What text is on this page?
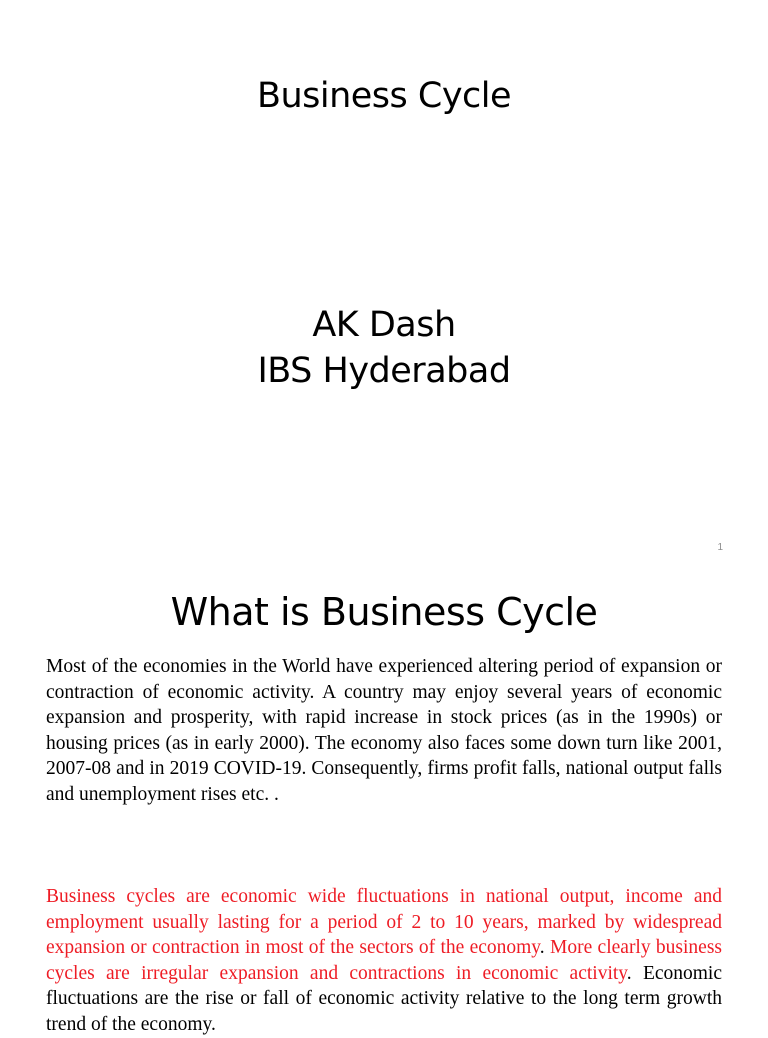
Business Cycle
AK Dash
IBS Hyderabad
1
What is Business Cycle

Most of the economies in the World have experienced altering period of expansion or contraction of economic activity. A country may enjoy several years of economic expansion and prosperity, with rapid increase in stock prices (as in the 1990s) or housing prices (as in early 2000). The economy also faces some down turn like 2001, 2007-08 and in 2019 COVID-19. Consequently, firms profit falls, national output falls and unemployment rises etc. .

Business cycles are economic wide fluctuations in national output, income and employment usually lasting for a period of 2 to 10 years, marked by widespread expansion or contraction in most of the sectors of the economy. More clearly business cycles are irregular expansion and contractions in economic activity. Economic fluctuations are the rise or fall of economic activity relative to the long term growth trend of the economy.
